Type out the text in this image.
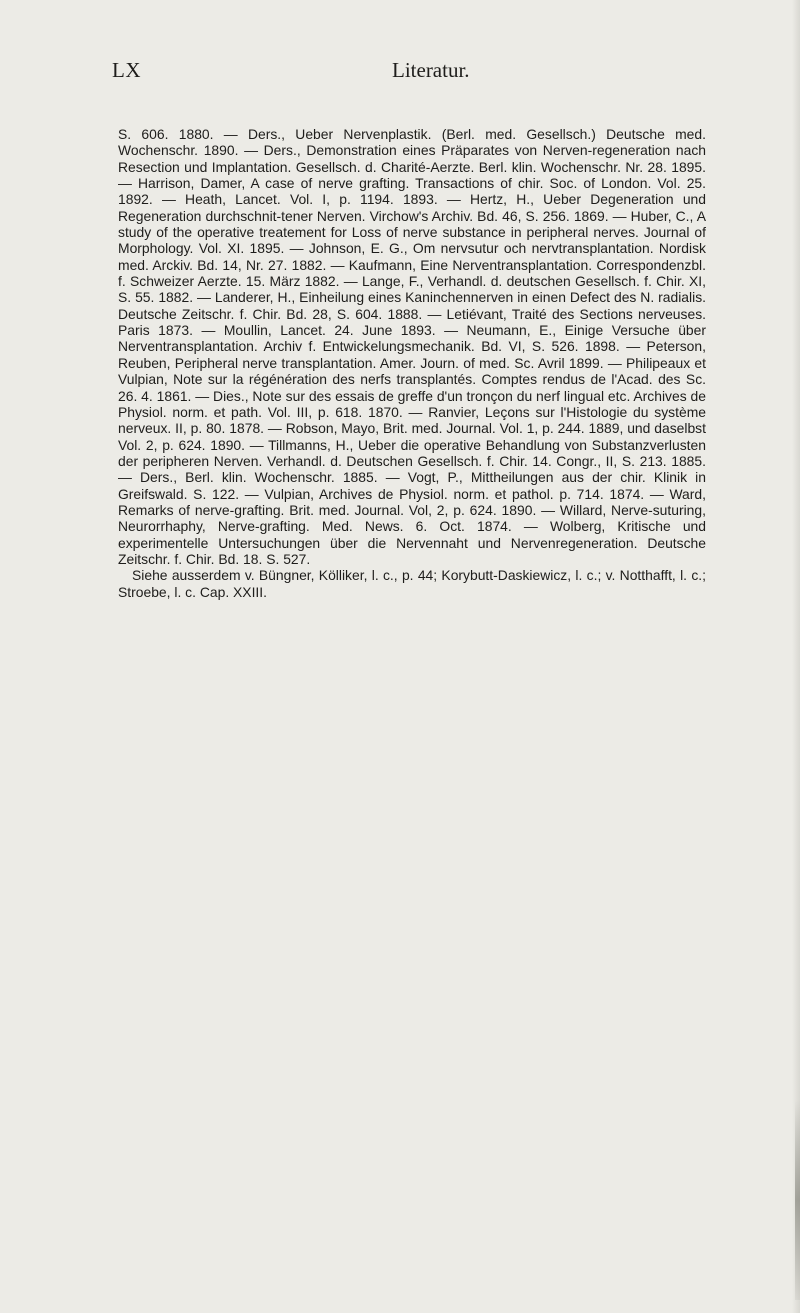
LX	Literatur.

S. 606. 1880. — Ders., Ueber Nervenplastik. (Berl. med. Gesellsch.) Deutsche med. Wochenschr. 1890. — Ders., Demonstration eines Präparates von Nerven-regeneration nach Resection und Implantation. Gesellsch. d. Charité-Aerzte. Berl. klin. Wochenschr. Nr. 28. 1895. — Harrison, Damer, A case of nerve grafting. Transactions of chir. Soc. of London. Vol. 25. 1892. — Heath, Lancet. Vol. I, p. 1194. 1893. — Hertz, H., Ueber Degeneration und Regeneration durchschnit-tener Nerven. Virchow's Archiv. Bd. 46, S. 256. 1869. — Huber, C., A study of the operative treatement for Loss of nerve substance in peripheral nerves. Journal of Morphology. Vol. XI. 1895. — Johnson, E. G., Om nervsutur och nervtransplantation. Nordisk med. Arckiv. Bd. 14, Nr. 27. 1882. — Kaufmann, Eine Nerventransplantation. Correspondenzbl. f. Schweizer Aerzte. 15. März 1882. — Lange, F., Verhandl. d. deutschen Gesellsch. f. Chir. XI, S. 55. 1882. — Landerer, H., Einheilung eines Kaninchennerven in einen Defect des N. radialis. Deutsche Zeitschr. f. Chir. Bd. 28, S. 604. 1888. — Letiévant, Traité des Sections nerveuses. Paris 1873. — Moullin, Lancet. 24. June 1893. — Neumann, E., Einige Versuche über Nerventransplantation. Archiv f. Entwickelungsmechanik. Bd. VI, S. 526. 1898. — Peterson, Reuben, Peripheral nerve transplantation. Amer. Journ. of med. Sc. Avril 1899. — Philipeaux et Vulpian, Note sur la régénération des nerfs transplantés. Comptes rendus de l'Acad. des Sc. 26. 4. 1861. — Dies., Note sur des essais de greffe d'un tronçon du nerf lingual etc. Archives de Physiol. norm. et path. Vol. III, p. 618. 1870. — Ranvier, Leçons sur l'Histologie du système nerveux. II, p. 80. 1878. — Robson, Mayo, Brit. med. Journal. Vol. 1, p. 244. 1889, und daselbst Vol. 2, p. 624. 1890. — Tillmanns, H., Ueber die operative Behandlung von Substanzverlusten der peripheren Nerven. Verhandl. d. Deutschen Gesellsch. f. Chir. 14. Congr., II, S. 213. 1885. — Ders., Berl. klin. Wochenschr. 1885. — Vogt, P., Mittheilungen aus der chir. Klinik in Greifswald. S. 122. — Vulpian, Archives de Physiol. norm. et pathol. p. 714. 1874. — Ward, Remarks of nerve-grafting. Brit. med. Journal. Vol, 2, p. 624. 1890. — Willard, Nerve-suturing, Neurorrhaphy, Nerve-grafting. Med. News. 6. Oct. 1874. — Wolberg, Kritische und experimentelle Untersuchungen über die Nervennaht und Nervenregeneration. Deutsche Zeitschr. f. Chir. Bd. 18. S. 527.

Siehe ausserdem v. Büngner, Kölliker, l. c., p. 44; Korybutt-Daskiewicz, l. c.; v. Notthafft, l. c.; Stroebe, l. c. Cap. XXIII.
